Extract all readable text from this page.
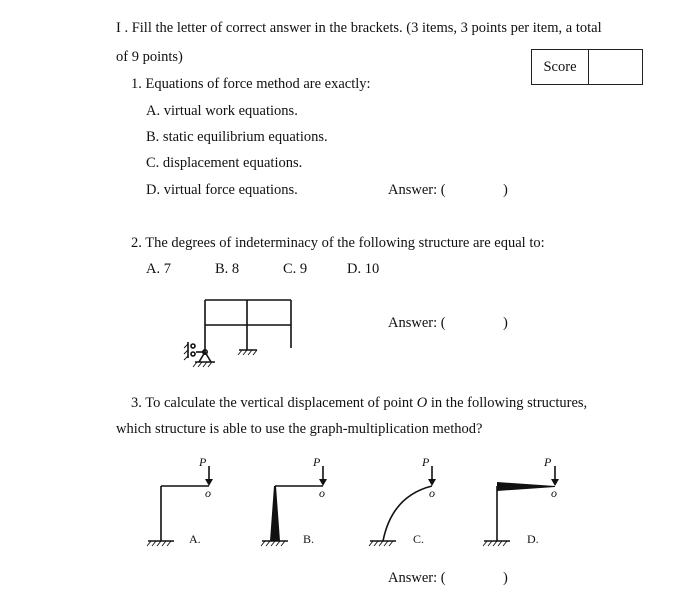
I . Fill the letter of correct answer in the brackets. (3 items, 3 points per item, a total
of 9 points)
Score
1. Equations of force method are exactly:
A. virtual work equations.
B. static equilibrium equations.
C. displacement equations.
D. virtual force equations.	Answer: (	)
2. The degrees of indeterminacy of the following structure are equal to:
A. 7	B. 8	C. 9	D. 10
Answer: (	)
3. To calculate the vertical displacement of point O in the following structures,
which structure is able to use the graph-multiplication method?
P	P	P	P
o	o	o	o
A.	B.	C.	D.
Answer: (	)
